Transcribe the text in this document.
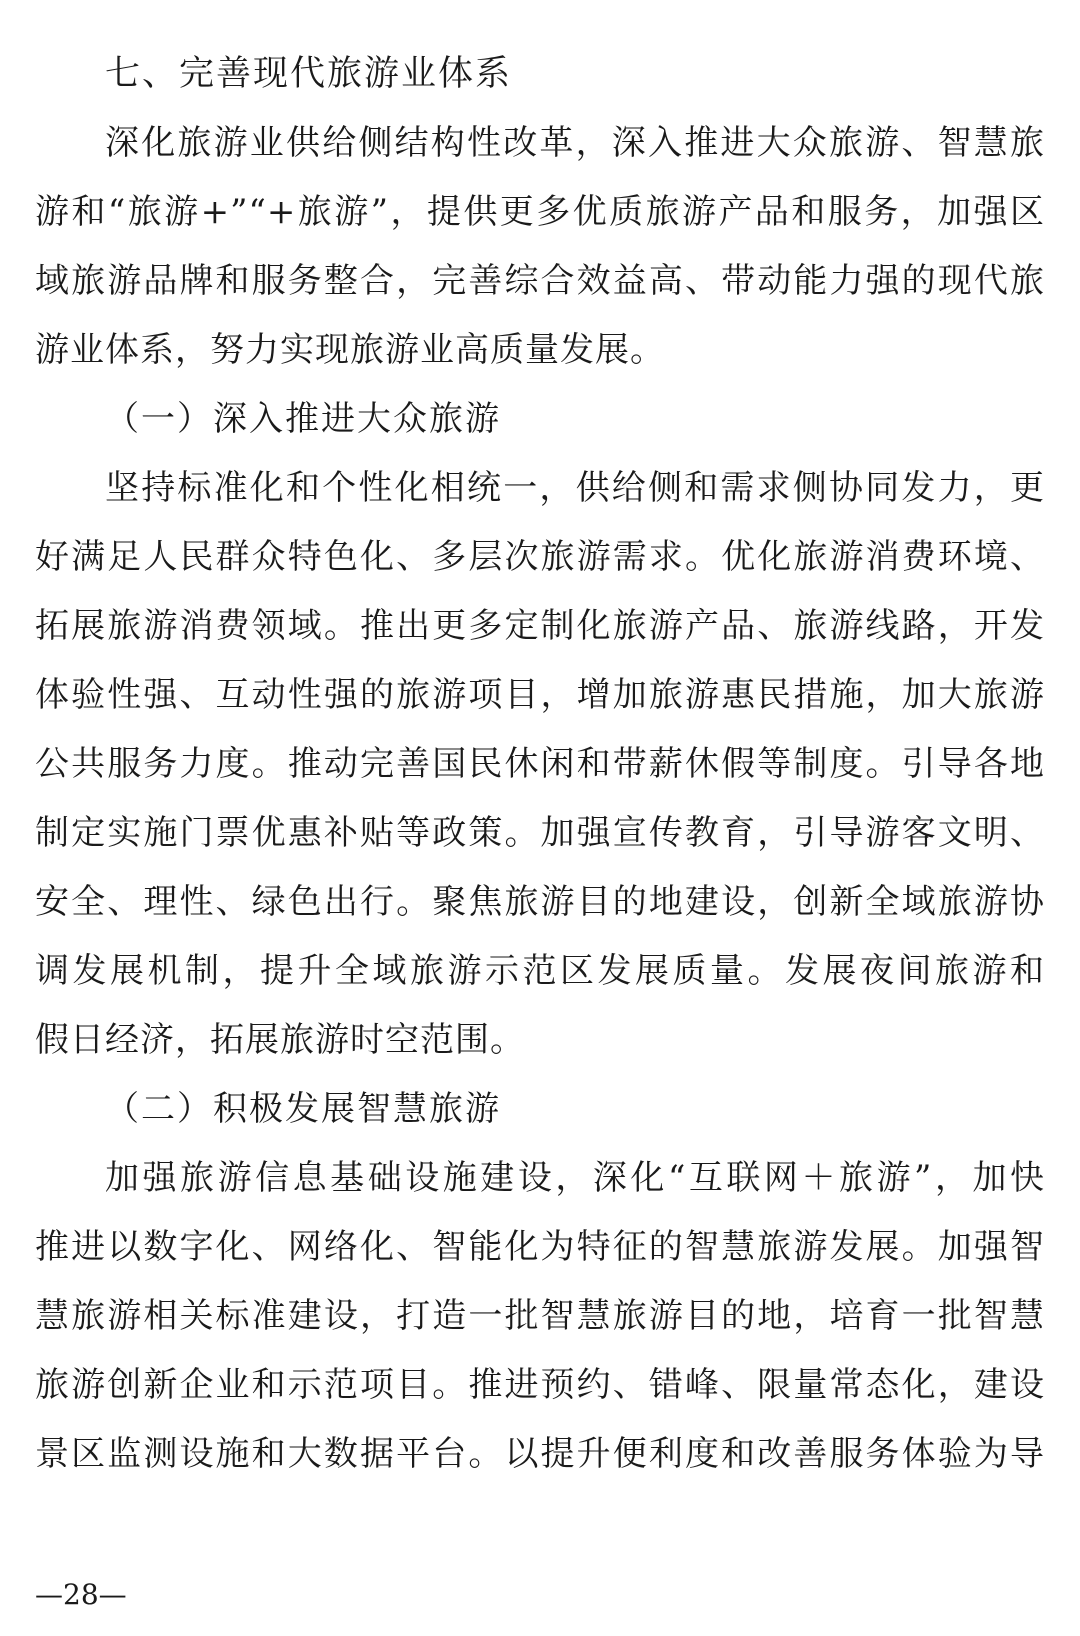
七、完善现代旅游业体系
深化旅游业供给侧结构性改革，深入推进大众旅游、智慧旅
游和“旅游+”“+旅游”，提供更多优质旅游产品和服务，加强区
域旅游品牌和服务整合，完善综合效益高、带动能力强的现代旅
游业体系，努力实现旅游业高质量发展。
（一）深入推进大众旅游
坚持标准化和个性化相统一，供给侧和需求侧协同发力，更
好满足人民群众特色化、多层次旅游需求。优化旅游消费环境、
拓展旅游消费领域。推出更多定制化旅游产品、旅游线路，开发
体验性强、互动性强的旅游项目，增加旅游惠民措施，加大旅游
公共服务力度。推动完善国民休闲和带薪休假等制度。引导各地
制定实施门票优惠补贴等政策。加强宣传教育，引导游客文明、
安全、理性、绿色出行。聚焦旅游目的地建设，创新全域旅游协
调发展机制，提升全域旅游示范区发展质量。发展夜间旅游和
假日经济，拓展旅游时空范围。
（二）积极发展智慧旅游
加强旅游信息基础设施建设，深化“互联网＋旅游”，加快
推进以数字化、网络化、智能化为特征的智慧旅游发展。加强智
慧旅游相关标准建设，打造一批智慧旅游目的地，培育一批智慧
旅游创新企业和示范项目。推进预约、错峰、限量常态化，建设
景区监测设施和大数据平台。以提升便利度和改善服务体验为导
—28—
